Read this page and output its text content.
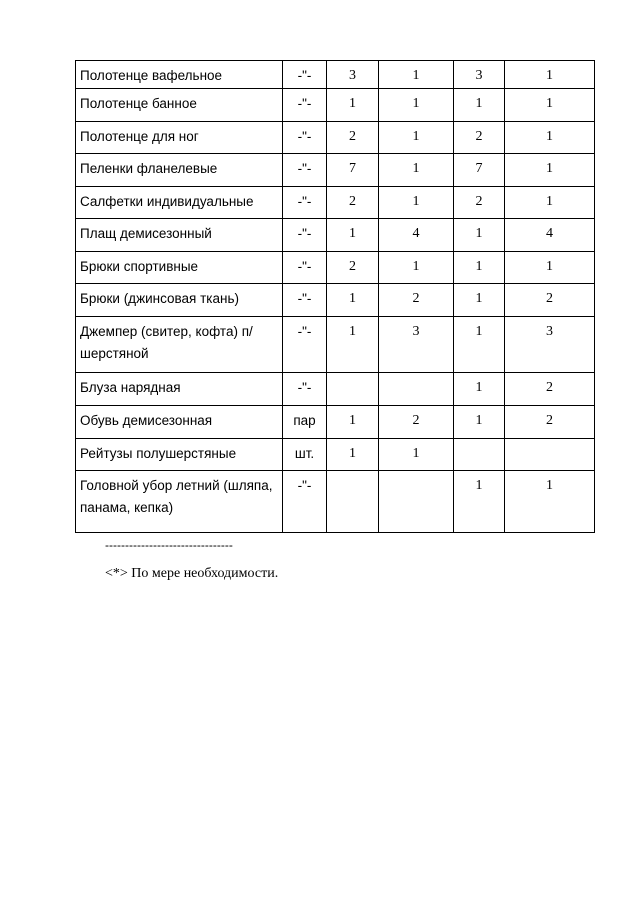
Полотенце вафельное	-"-	3	1	3	1
Полотенце банное	-"-	1	1	1	1
Полотенце для ног	-"-	2	1	2	1
Пеленки фланелевые	-"-	7	1	7	1
Салфетки индивидуальные	-"-	2	1	2	1
Плащ демисезонный	-"-	1	4	1	4
Брюки спортивные	-"-	2	1	1	1
Брюки (джинсовая ткань)	-"-	1	2	1	2
Джемпер (свитер, кофта) п/шерстяной	-"-	1	3	1	3
Блуза нарядная	-"-			1	2
Обувь демисезонная	пар	1	2	1	2
Рейтузы полушерстяные	шт.	1	1		
Головной убор летний (шляпа, панама, кепка)	-"-			1	1
--------------------------------
<*> По мере необходимости.
